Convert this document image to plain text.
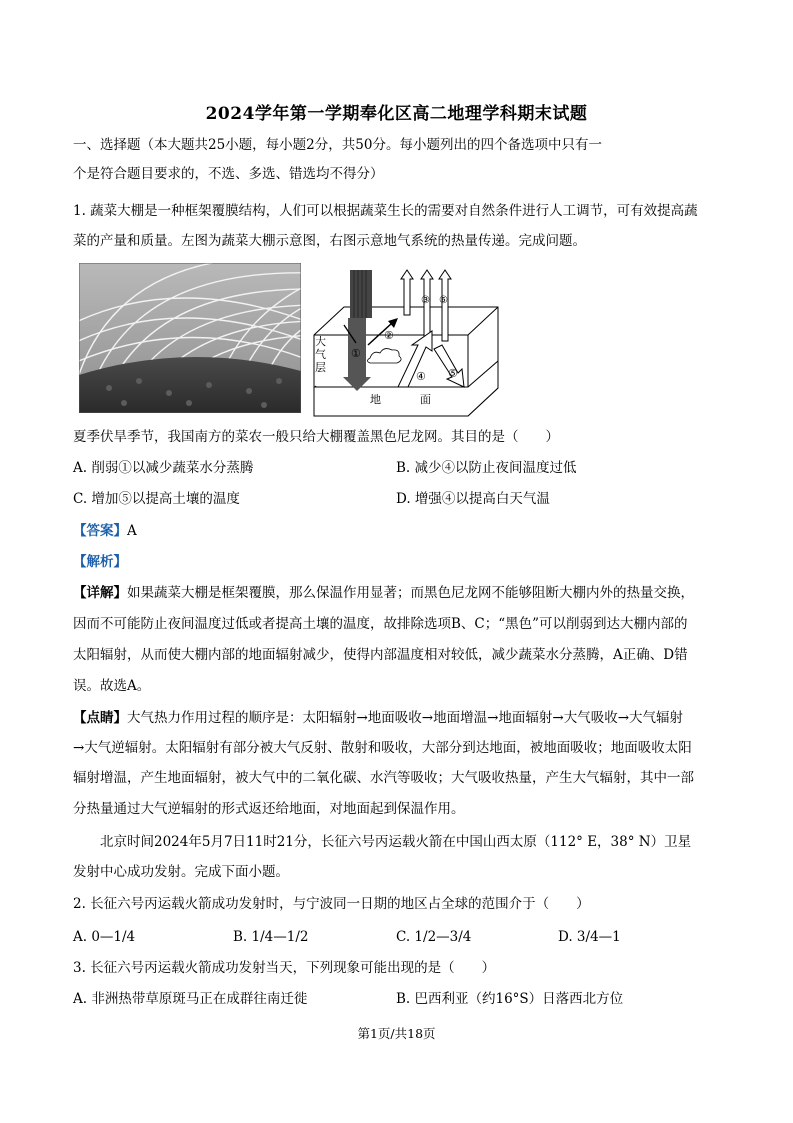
2024学年第一学期奉化区高二地理学科期末试题
一、选择题（本大题共25小题，每小题2分，共50分。每小题列出的四个备选项中只有一
个是符合题目要求的，不选、多选、错选均不得分）
1. 蔬菜大棚是一种框架覆膜结构，人们可以根据蔬菜生长的需要对自然条件进行人工调节，可有效提高蔬
菜的产量和质量。左图为蔬菜大棚示意图，右图示意地气系统的热量传递。完成问题。
大
气
层
地	面
①
②
③
④ ⑤
⑥
夏季伏旱季节，我国南方的菜农一般只给大棚覆盖黑色尼龙网。其目的是（　　）
A. 削弱①以减少蔬菜水分蒸腾	B. 减少④以防止夜间温度过低
C. 增加⑤以提高土壤的温度	D. 增强④以提高白天气温
【答案】A
【解析】
【详解】如果蔬菜大棚是框架覆膜，那么保温作用显著；而黑色尼龙网不能够阻断大棚内外的热量交换，
因而不可能防止夜间温度过低或者提高土壤的温度，故排除选项B、C；“黑色”可以削弱到达大棚内部的
太阳辐射，从而使大棚内部的地面辐射减少，使得内部温度相对较低，减少蔬菜水分蒸腾，A正确、D错
误。故选A。
【点睛】大气热力作用过程的顺序是：太阳辐射→地面吸收→地面增温→地面辐射→大气吸收→大气辐射
→大气逆辐射。太阳辐射有部分被大气反射、散射和吸收，大部分到达地面，被地面吸收；地面吸收太阳
辐射增温，产生地面辐射，被大气中的二氧化碳、水汽等吸收；大气吸收热量，产生大气辐射，其中一部
分热量通过大气逆辐射的形式返还给地面，对地面起到保温作用。
北京时间2024年5月7日11时21分，长征六号丙运载火箭在中国山西太原（112° E，38° N）卫星
发射中心成功发射。完成下面小题。
2. 长征六号丙运载火箭成功发射时，与宁波同一日期的地区占全球的范围介于（　　）
A. 0—1/4	B. 1/4—1/2	C. 1/2—3/4	D. 3/4—1
3. 长征六号丙运载火箭成功发射当天，下列现象可能出现的是（　　）
A. 非洲热带草原斑马正在成群往南迁徙	B. 巴西利亚（约16°S）日落西北方位
第1页/共18页
